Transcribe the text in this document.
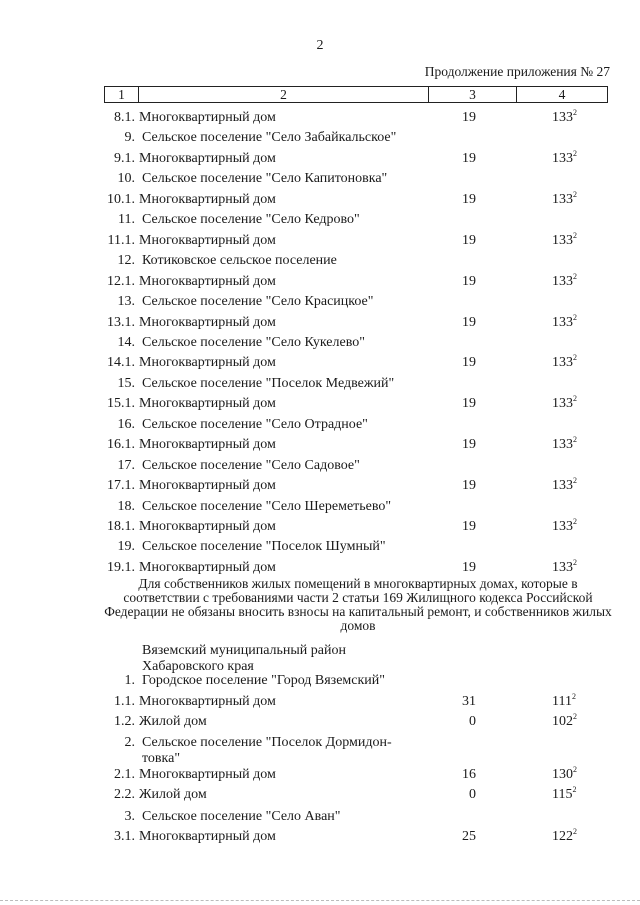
2
Продолжение приложения № 27
1	2	3	4
8.1. Многоквартирный дом	19	$133^2$
9. Сельское поселение "Село Забайкальское"
9.1. Многоквартирный дом	19	$133^2$
10. Сельское поселение "Село Капитоновка"
10.1. Многоквартирный дом	19	$133^2$
11. Сельское поселение "Село Кедрово"
11.1. Многоквартирный дом	19	$133^2$
12. Котиковское сельское поселение
12.1. Многоквартирный дом	19	$133^2$
13. Сельское поселение "Село Красицкое"
13.1. Многоквартирный дом	19	$133^2$
14. Сельское поселение "Село Кукелево"
14.1. Многоквартирный дом	19	$133^2$
15. Сельское поселение "Поселок Медвежий"
15.1. Многоквартирный дом	19	$133^2$
16. Сельское поселение "Село Отрадное"
16.1. Многоквартирный дом	19	$133^2$
17. Сельское поселение "Село Садовое"
17.1. Многоквартирный дом	19	$133^2$
18. Сельское поселение "Село Шереметьево"
18.1. Многоквартирный дом	19	$133^2$
19. Сельское поселение "Поселок Шумный"
19.1. Многоквартирный дом	19	$133^2$
Вяземский муниципальный район
Хабаровского края
1. Городское поселение "Город Вяземский"
1.1. Многоквартирный дом	31	$111^2$
1.2. Жилой дом	0	$102^2$
2. Сельское поселение "Поселок Дормидон-
товка"
2.1. Многоквартирный дом	16	$130^2$
2.2. Жилой дом	0	$115^2$
3. Сельское поселение "Село Аван"
3.1. Многоквартирный дом	25	$122^2$
Для собственников жилых помещений в многоквартирных домах, которые в соответствии с требованиями части 2 статьи 169 Жилищного кодекса Российской Федерации не обязаны вносить взносы на капитальный ремонт, и собственников жилых домов
